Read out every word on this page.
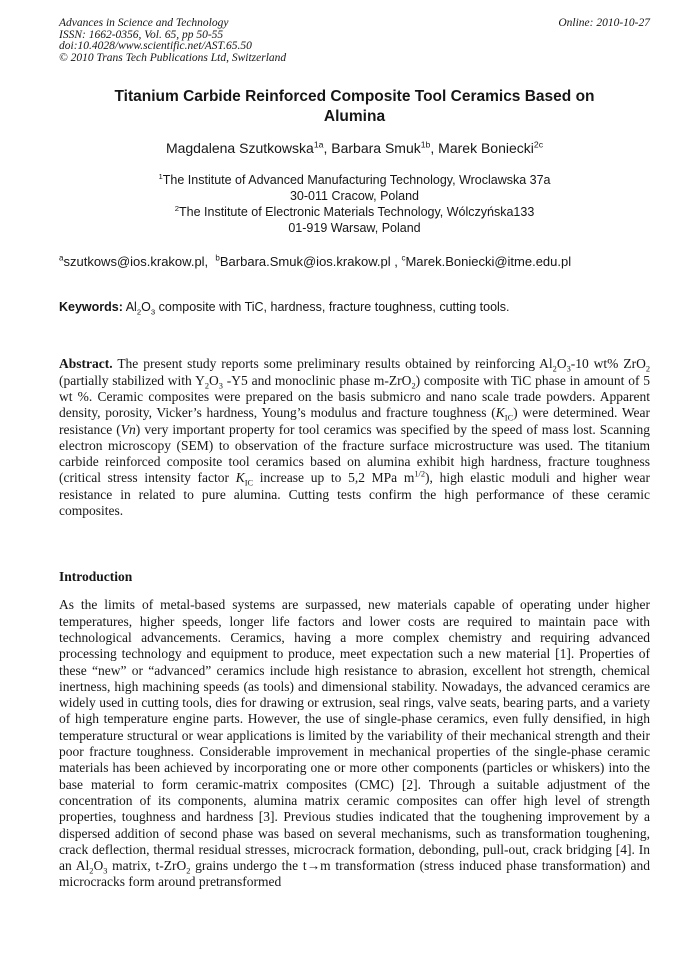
Advances in Science and Technology
ISSN: 1662-0356, Vol. 65, pp 50-55
doi:10.4028/www.scientific.net/AST.65.50
© 2010 Trans Tech Publications Ltd, Switzerland
Online: 2010-10-27
Titanium Carbide Reinforced Composite Tool Ceramics Based on Alumina

Magdalena Szutkowska$^{1a}$, Barbara Smuk$^{1b}$, Marek Boniecki$^{2c}$

$^1$The Institute of Advanced Manufacturing Technology, Wroclawska 37a
30-011 Cracow, Poland
$^2$The Institute of Electronic Materials Technology, Wólczyńska133
01-919 Warsaw, Poland

$^a$szutkows@ios.krakow.pl,  $^b$Barbara.Smuk@ios.krakow.pl , $^c$Marek.Boniecki@itme.edu.pl

Keywords: $Al_2O_3$ composite with TiC, hardness, fracture toughness, cutting tools.

Abstract. The present study reports some preliminary results obtained by reinforcing $Al_2O_3-10$ wt% ZrO$_2$ (partially stabilized with $Y_2O_3$ -Y5 and monoclinic phase m-ZrO$_2$) composite with TiC phase in amount of 5 wt %. Ceramic composites were prepared on the basis submicro and nano scale trade powders. Apparent density, porosity, Vicker’s hardness, Young’s modulus and fracture toughness $(K_{IC})$ were determined. Wear resistance (Vn) very important property for tool ceramics was specified by the speed of mass lost. Scanning electron microscopy (SEM) to observation of the fracture surface microstructure was used. The titanium carbide reinforced composite tool ceramics based on alumina exhibit high hardness, fracture toughness (critical stress intensity factor $K_{IC}$ increase up to 5,2 MPa $m^{1/2}$), high elastic moduli and higher wear resistance in related to pure alumina. Cutting tests confirm the high performance of these ceramic composites.

Introduction

As the limits of metal-based systems are surpassed, new materials capable of operating under higher temperatures, higher speeds, longer life factors and lower costs are required to maintain pace with technological advancements. Ceramics, having a more complex chemistry and requiring advanced processing technology and equipment to produce, meet expectation such a new material [1]. Properties of these “new” or “advanced” ceramics include high resistance to abrasion, excellent hot strength, chemical inertness, high machining speeds (as tools) and dimensional stability. Nowadays, the advanced ceramics are widely used in cutting tools, dies for drawing or extrusion, seal rings, valve seats, bearing parts, and a variety of high temperature engine parts. However, the use of single-phase ceramics, even fully densified, in high temperature structural or wear applications is limited by the variability of their mechanical strength and their poor fracture toughness. Considerable improvement in mechanical properties of the single-phase ceramic materials has been achieved by incorporating one or more other components (particles or whiskers) into the base material to form ceramic-matrix composites (CMC) [2]. Through a suitable adjustment of the concentration of its components, alumina matrix ceramic composites can offer high level of strength properties, toughness and hardness [3]. Previous studies indicated that the toughening improvement by a dispersed addition of second phase was based on several mechanisms, such as transformation toughening, crack deflection, thermal residual stresses, microcrack formation, debonding, pull-out, crack bridging [4]. In an $Al_2O_3$ matrix, t-ZrO$_2$ grains undergo the t→m transformation (stress induced phase transformation) and microcracks form around pretransformed
